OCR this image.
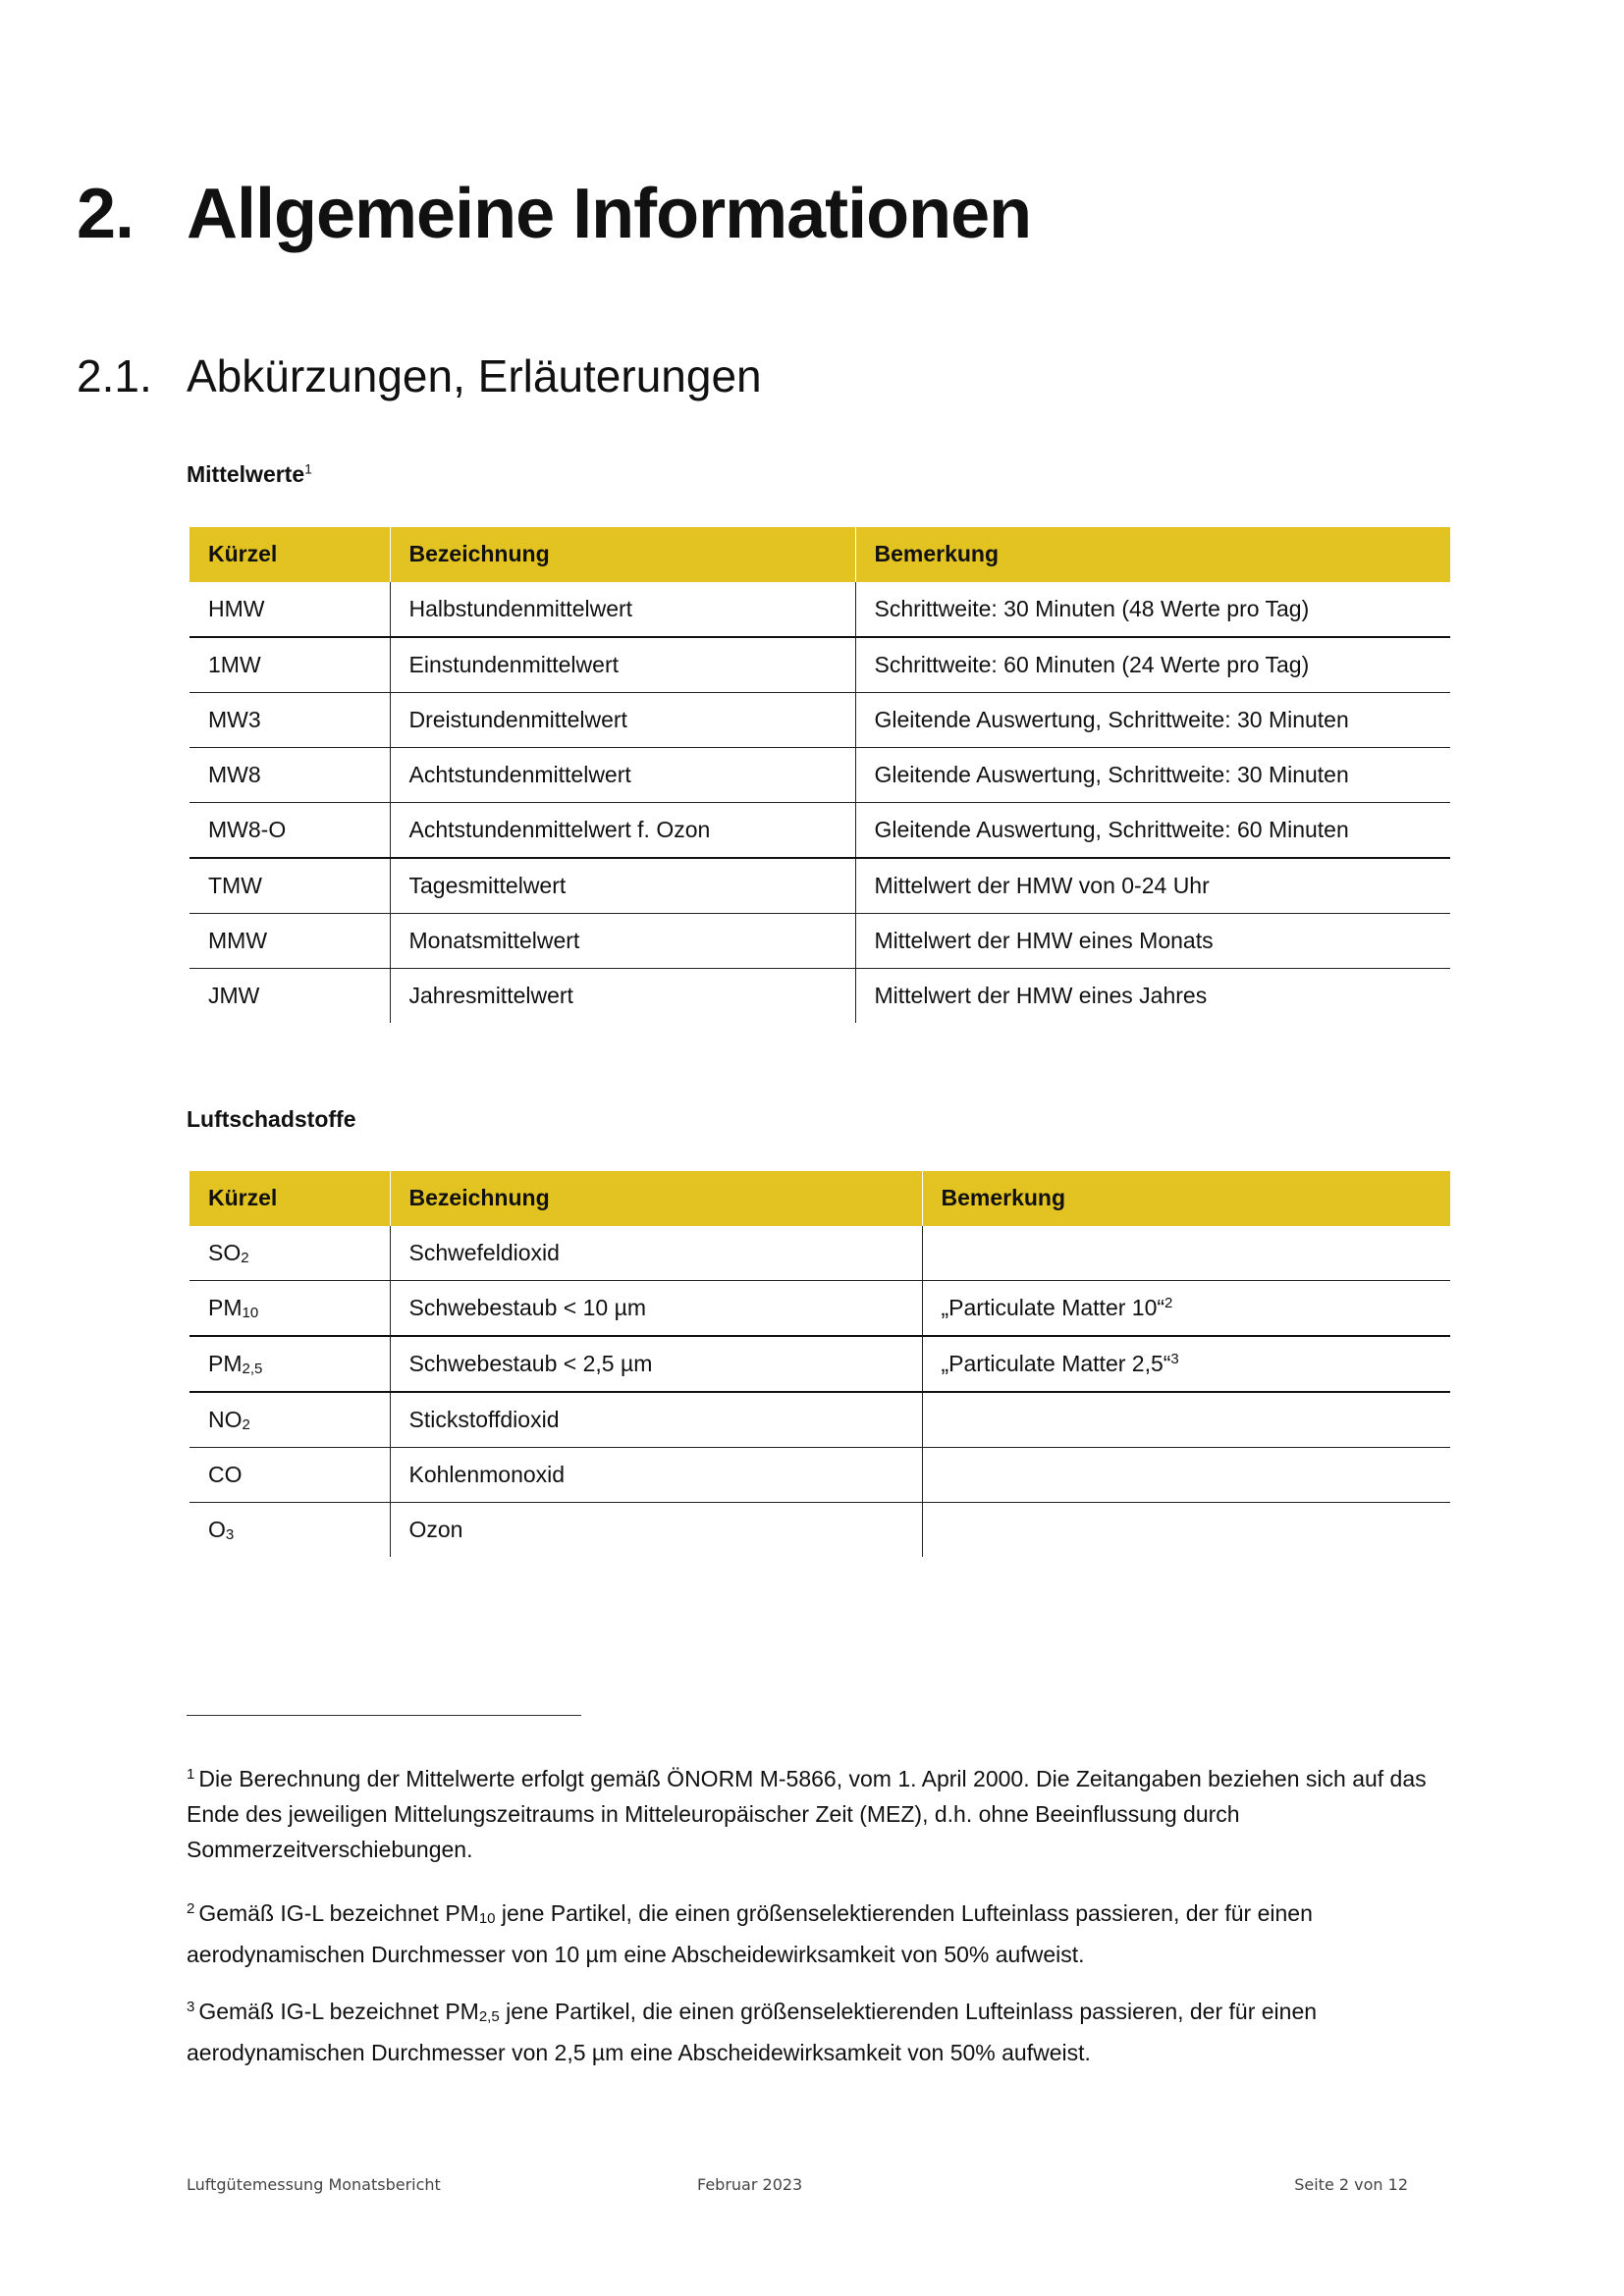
2. Allgemeine Informationen
2.1. Abkürzungen, Erläuterungen
Mittelwerte$^1$
Kürzel	Bezeichnung	Bemerkung
HMW	Halbstundenmittelwert	Schrittweite: 30 Minuten (48 Werte pro Tag)
1MW	Einstundenmittelwert	Schrittweite: 60 Minuten (24 Werte pro Tag)
MW3	Dreistundenmittelwert	Gleitende Auswertung, Schrittweite: 30 Minuten
MW8	Achtstundenmittelwert	Gleitende Auswertung, Schrittweite: 30 Minuten
MW8-O	Achtstundenmittelwert f. Ozon	Gleitende Auswertung, Schrittweite: 60 Minuten
TMW	Tagesmittelwert	Mittelwert der HMW von 0-24 Uhr
MMW	Monatsmittelwert	Mittelwert der HMW eines Monats
JMW	Jahresmittelwert	Mittelwert der HMW eines Jahres
Luftschadstoffe
Kürzel	Bezeichnung	Bemerkung
SO2	Schwefeldioxid	
PM10	Schwebestaub < 10 µm	„Particulate Matter 10“$^2$
PM2,5	Schwebestaub < 2,5 µm	„Particulate Matter 2,5“$^3$
NO2	Stickstoffdioxid	
CO	Kohlenmonoxid	
O3	Ozon	

$^1$ Die Berechnung der Mittelwerte erfolgt gemäß ÖNORM M-5866, vom 1. April 2000. Die Zeitangaben beziehen sich auf das Ende des jeweiligen Mittelungszeitraums in Mitteleuropäischer Zeit (MEZ), d.h. ohne Beeinflussung durch Sommerzeitverschiebungen.

$^2$ Gemäß IG-L bezeichnet PM10 jene Partikel, die einen größenselektierenden Lufteinlass passieren, der für einen aerodynamischen Durchmesser von 10 µm eine Abscheidewirksamkeit von 50% aufweist.

$^3$ Gemäß IG-L bezeichnet PM2,5 jene Partikel, die einen größenselektierenden Lufteinlass passieren, der für einen aerodynamischen Durchmesser von 2,5 µm eine Abscheidewirksamkeit von 50% aufweist.

Luftgütemessung Monatsbericht	Februar 2023	Seite 2 von 12
